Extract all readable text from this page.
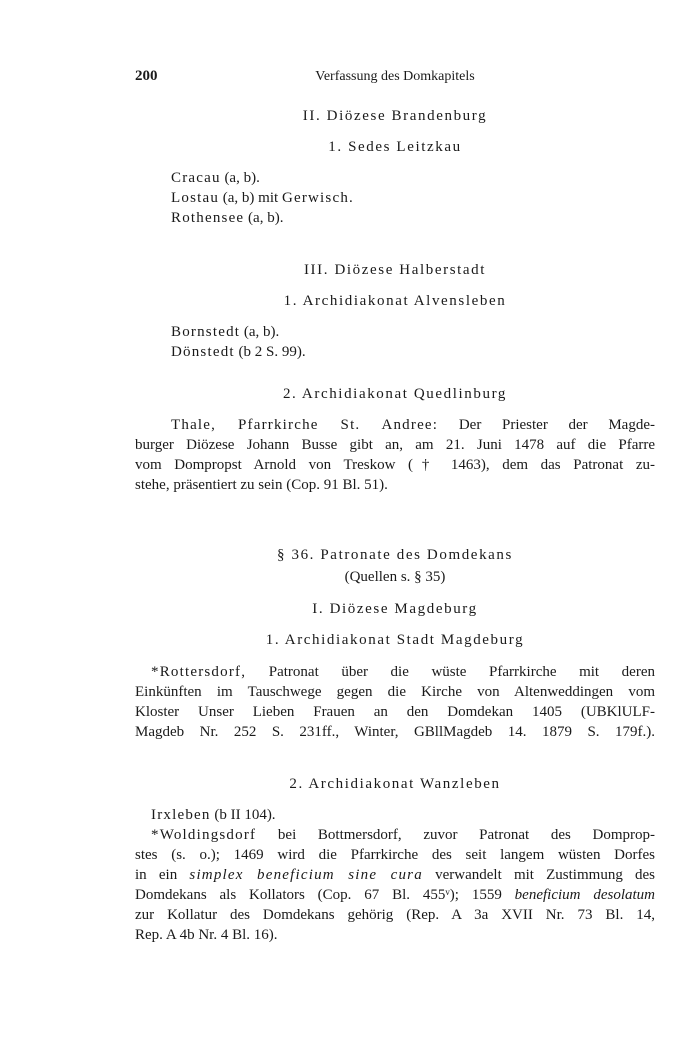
200	Verfassung des Domkapitels
II. Diözese Brandenburg
1. Sedes Leitzkau
Cracau (a, b).
Lostau (a, b) mit Gerwisch.
Rothensee (a, b).
III. Diözese Halberstadt
1. Archidiakonat Alvensleben
Bornstedt (a, b).
Dönstedt (b 2 S. 99).
2. Archidiakonat Quedlinburg
Thale, Pfarrkirche St. Andree: Der Priester der Magde-
burger Diözese Johann Busse gibt an, am 21. Juni 1478 auf die Pfarre
vom Dompropst Arnold von Treskow († 1463), dem das Patronat zu-
stehe, präsentiert zu sein (Cop. 91 Bl. 51).
§ 36. Patronate des Domdekans
(Quellen s. § 35)
I. Diözese Magdeburg
1. Archidiakonat Stadt Magdeburg
*Rottersdorf, Patronat über die wüste Pfarrkirche mit deren
Einkünften im Tauschwege gegen die Kirche von Altenweddingen vom
Kloster Unser Lieben Frauen an den Domdekan 1405 (UBKlULF-
Magdeb Nr. 252 S. 231ff., Winter, GBllMagdeb 14. 1879 S. 179f.).
2. Archidiakonat Wanzleben
Irxleben (b II 104).
*Woldingsdorf bei Bottmersdorf, zuvor Patronat des Domprop-
stes (s. o.); 1469 wird die Pfarrkirche des seit langem wüsten Dorfes
in ein simplex beneficium sine cura verwandelt mit Zustimmung des
Domdekans als Kollators (Cop. 67 Bl. 455ᵛ); 1559 beneficium desolatum
zur Kollatur des Domdekans gehörig (Rep. A 3a XVII Nr. 73 Bl. 14,
Rep. A 4b Nr. 4 Bl. 16).
